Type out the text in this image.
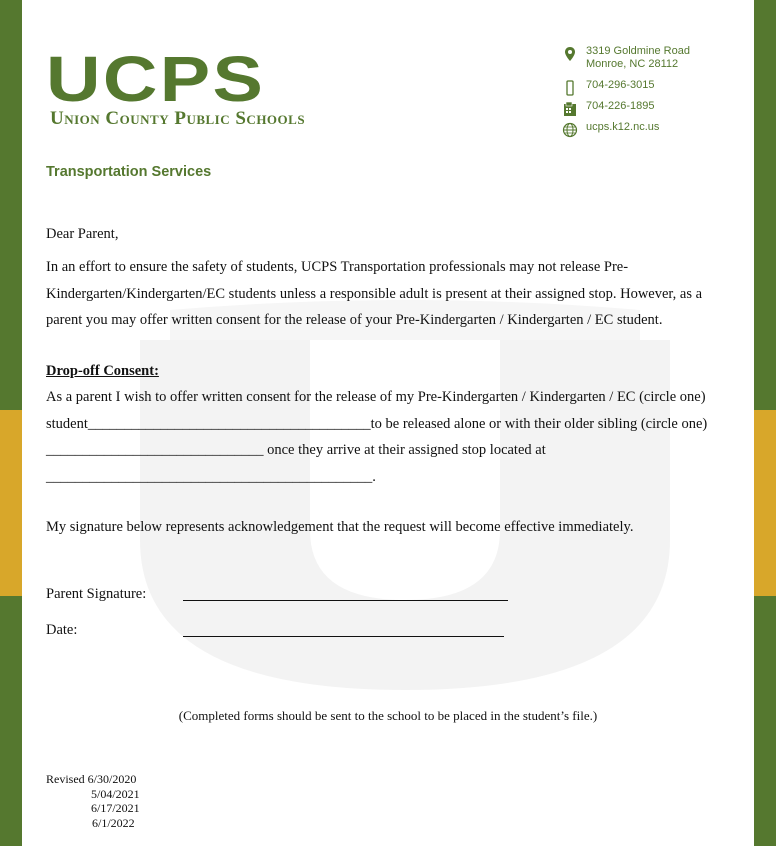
UCPS
Union County Public Schools
3319 Goldmine Road
Monroe, NC 28112
704-296-3015
704-226-1895
ucps.k12.nc.us
Transportation Services
Dear Parent,
In an effort to ensure the safety of students, UCPS Transportation professionals may not release Pre-Kindergarten/Kindergarten/EC students unless a responsible adult is present at their assigned stop. However, as a parent you may offer written consent for the release of your Pre-Kindergarten / Kindergarten / EC student.
Drop-off Consent:
As a parent I wish to offer written consent for the release of my Pre-Kindergarten / Kindergarten / EC (circle one) student_______________________________________to be released alone or with their older sibling (circle one) ______________________________ once they arrive at their assigned stop located at _____________________________________________.
My signature below represents acknowledgement that the request will become effective immediately.
Parent Signature:
Date:
(Completed forms should be sent to the school to be placed in the student’s file.)
Revised 6/30/2020
5/04/2021
6/17/2021
6/1/2022
